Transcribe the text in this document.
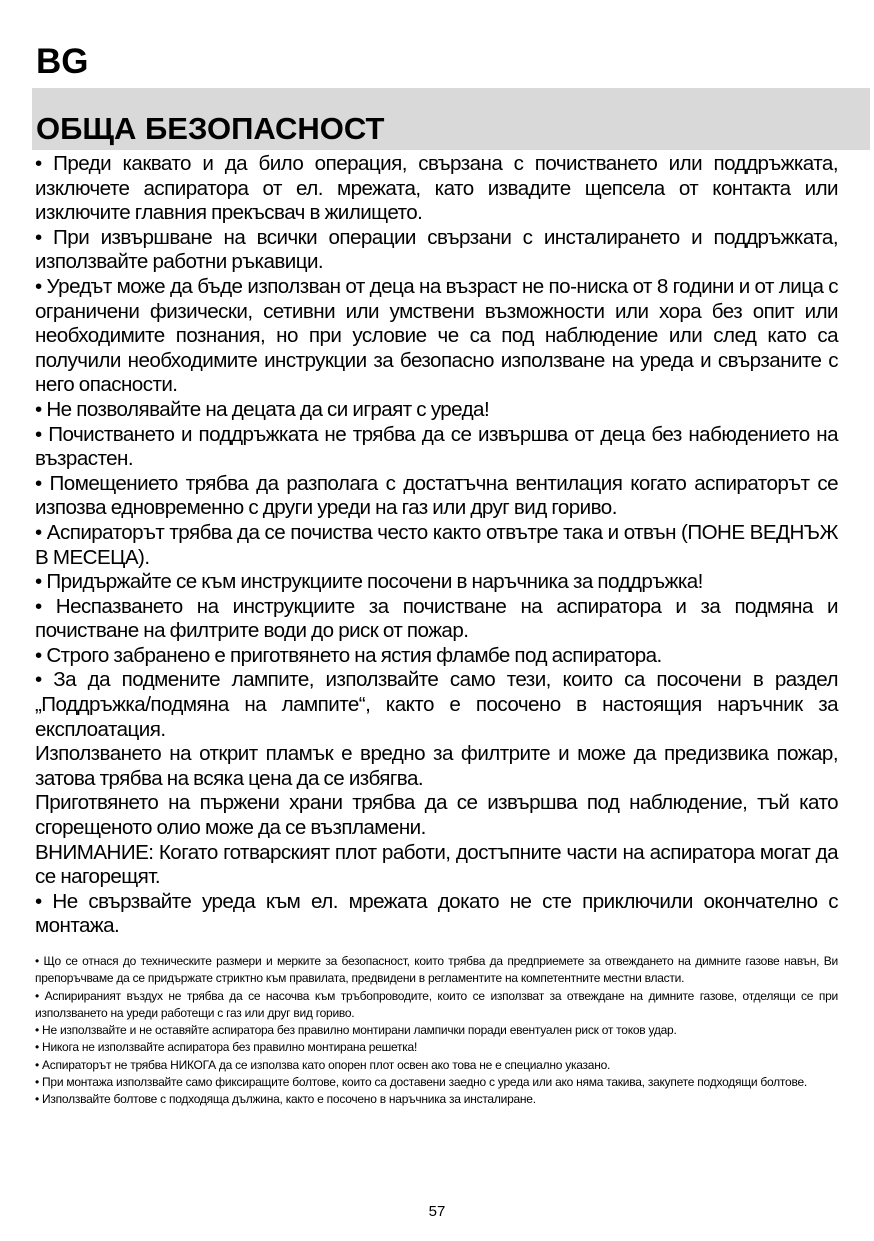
BG
ОБЩА БЕЗОПАСНОСТ

• Преди каквато и да било операция, свързана с почистването или поддръжката, изключете аспиратора от ел. мрежата, като извадите щепсела от контакта или изключите главния прекъсвач в жилището.

• При извършване на всички операции свързани с инсталирането и поддръжката, използвайте работни ръкавици.

• Уредът може да бъде използван от деца на възраст не по-ниска от 8 години и от лица с ограничени физически, сетивни или умствени възможности или хора без опит или необходимите познания, но при условие че са под наблюдение или след като са получили необходимите инструкции за безопасно използване на уреда и свързаните с него опасности.

• Не позволявайте на децата да си играят с уреда!

• Почистването и поддръжката не трябва да се извършва от деца без набюдението на възрастен.

• Помещението трябва да разполага с достатъчна вентилация когато аспираторът се изпозва едновременно с други уреди на газ или друг вид гориво.

• Аспираторът трябва да се почиства често както отвътре така и отвън (ПОНЕ ВЕДНЪЖ В МЕСЕЦА).

• Придържайте се към инструкциите посочени в наръчника за поддръжка!

• Неспазването на инструкциите за почистване на аспиратора и за подмяна и почистване на филтрите води до риск от пожар.

• Строго забранено е приготвянето на ястия фламбе под аспиратора.

• За да подмените лампите, използвайте само тези, които са посочени в раздел „Поддръжка/подмяна на лампите“, както е посочено в настоящия наръчник за експлоатация.

Използването на открит пламък е вредно за филтрите и може да предизвика пожар, затова трябва на всяка цена да се избягва.

Приготвянето на пържени храни трябва да се извършва под наблюдение, тъй като сгорещеното олио може да се възпламени.

ВНИМАНИЕ: Когато готварският плот работи, достъпните части на аспиратора могат да се нагорещят.

• Не свързвайте уреда към ел. мрежата докато не сте приключили окончателно с монтажа.

• Що се отнася до техническите размери и мерките за безопасност, които трябва да предприемете за отвеждането на димните газове навън, Ви препоръчваме да се придържате стриктно към правилата, предвидени в регламентите на компетентните местни власти.

• Аспирираният въздух не трябва да се насочва към тръбопроводите, които се използват за отвеждане на димните газове, отделящи се при използването на уреди работещи с газ или друг вид гориво.

• Не използвайте и не оставяйте аспиратора без правилно монтирани лампички поради евентуален риск от токов удар.

• Никога не използвайте аспиратора без правилно монтирана решетка!

• Аспираторът не трябва НИКОГА да се използва като опорен плот освен ако това не е специално указано.

• При монтажа използвайте само фиксиращите болтове, които са доставени заедно с уреда или ако няма такива, закупете подходящи болтове.

• Използвайте болтове с подходяща дължина, както е посочено в наръчника за инсталиране.

57
